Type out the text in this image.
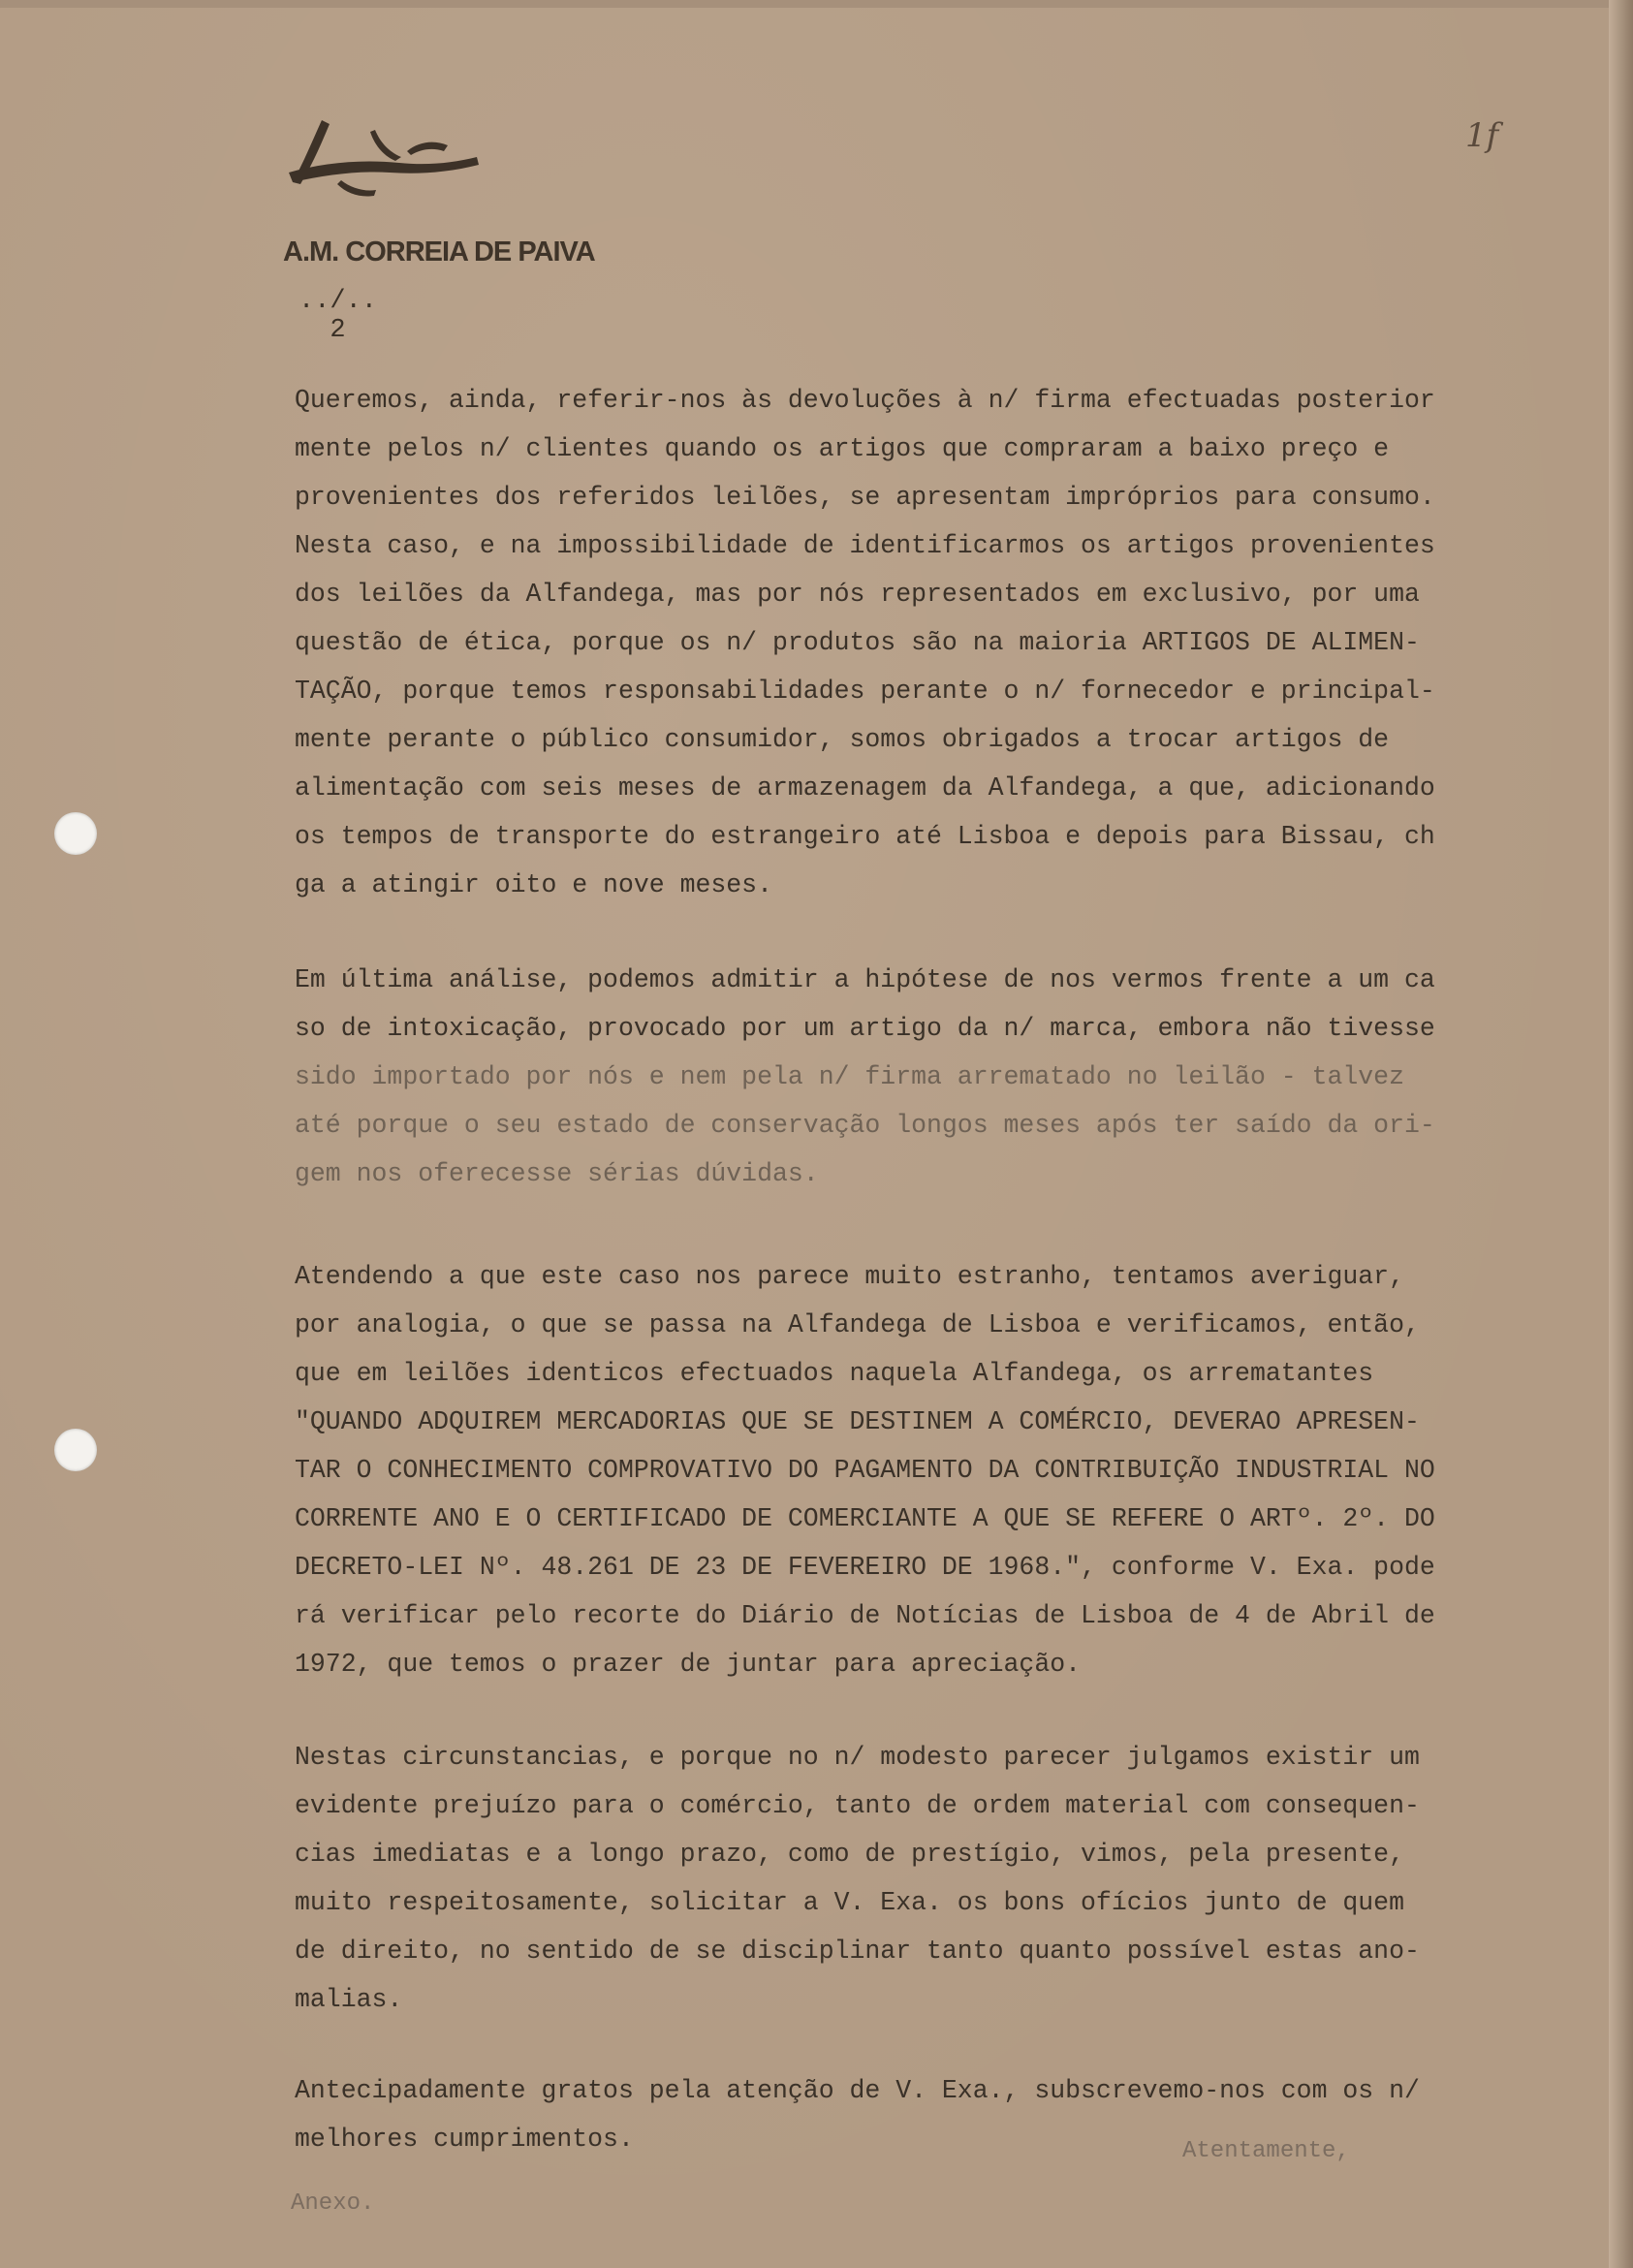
A.M. CORREIA DE PAIVA
../..
2
1f
Queremos, ainda, referir-nos às devoluções à n/ firma efectuadas posterior
mente pelos n/ clientes quando os artigos que compraram a baixo preço e
provenientes dos referidos leilões, se apresentam impróprios para consumo.
Nesta caso, e na impossibilidade de identificarmos os artigos provenientes
dos leilões da Alfandega, mas por nós representados em exclusivo, por uma
questão de ética, porque os n/ produtos são na maioria ARTIGOS DE ALIMEN-
TAÇÃO, porque temos responsabilidades perante o n/ fornecedor e principal-
mente perante o público consumidor, somos obrigados a trocar artigos de
alimentação com seis meses de armazenagem da Alfandega, a que, adicionando
os tempos de transporte do estrangeiro até Lisboa e depois para Bissau, ch
ga a atingir oito e nove meses.
Em última análise, podemos admitir a hipótese de nos vermos frente a um ca
so de intoxicação, provocado por um artigo da n/ marca, embora não tivesse
sido importado por nós e nem pela n/ firma arrematado no leilão - talvez
até porque o seu estado de conservação longos meses após ter saído da ori-
gem nos oferecesse sérias dúvidas.
Atendendo a que este caso nos parece muito estranho, tentamos averiguar,
por analogia, o que se passa na Alfandega de Lisboa e verificamos, então,
que em leilões identicos efectuados naquela Alfandega, os arrematantes
"QUANDO ADQUIREM MERCADORIAS QUE SE DESTINEM A COMÉRCIO, DEVERAO APRESEN-
TAR O CONHECIMENTO COMPROVATIVO DO PAGAMENTO DA CONTRIBUIÇÃO INDUSTRIAL NO
CORRENTE ANO E O CERTIFICADO DE COMERCIANTE A QUE SE REFERE O ARTº. 2º. DO
DECRETO-LEI Nº. 48.261 DE 23 DE FEVEREIRO DE 1968.", conforme V. Exa. pode
rá verificar pelo recorte do Diário de Notícias de Lisboa de 4 de Abril de
1972, que temos o prazer de juntar para apreciação.
Nestas circunstancias, e porque no n/ modesto parecer julgamos existir um
evidente prejuízo para o comércio, tanto de ordem material com consequen-
cias imediatas e a longo prazo, como de prestígio, vimos, pela presente,
muito respeitosamente, solicitar a V. Exa. os bons ofícios junto de quem
de direito, no sentido de se disciplinar tanto quanto possível estas ano-
malias.
Antecipadamente gratos pela atenção de V. Exa., subscrevemo-nos com os n/
melhores cumprimentos.	Atentamente,
Anexo.
